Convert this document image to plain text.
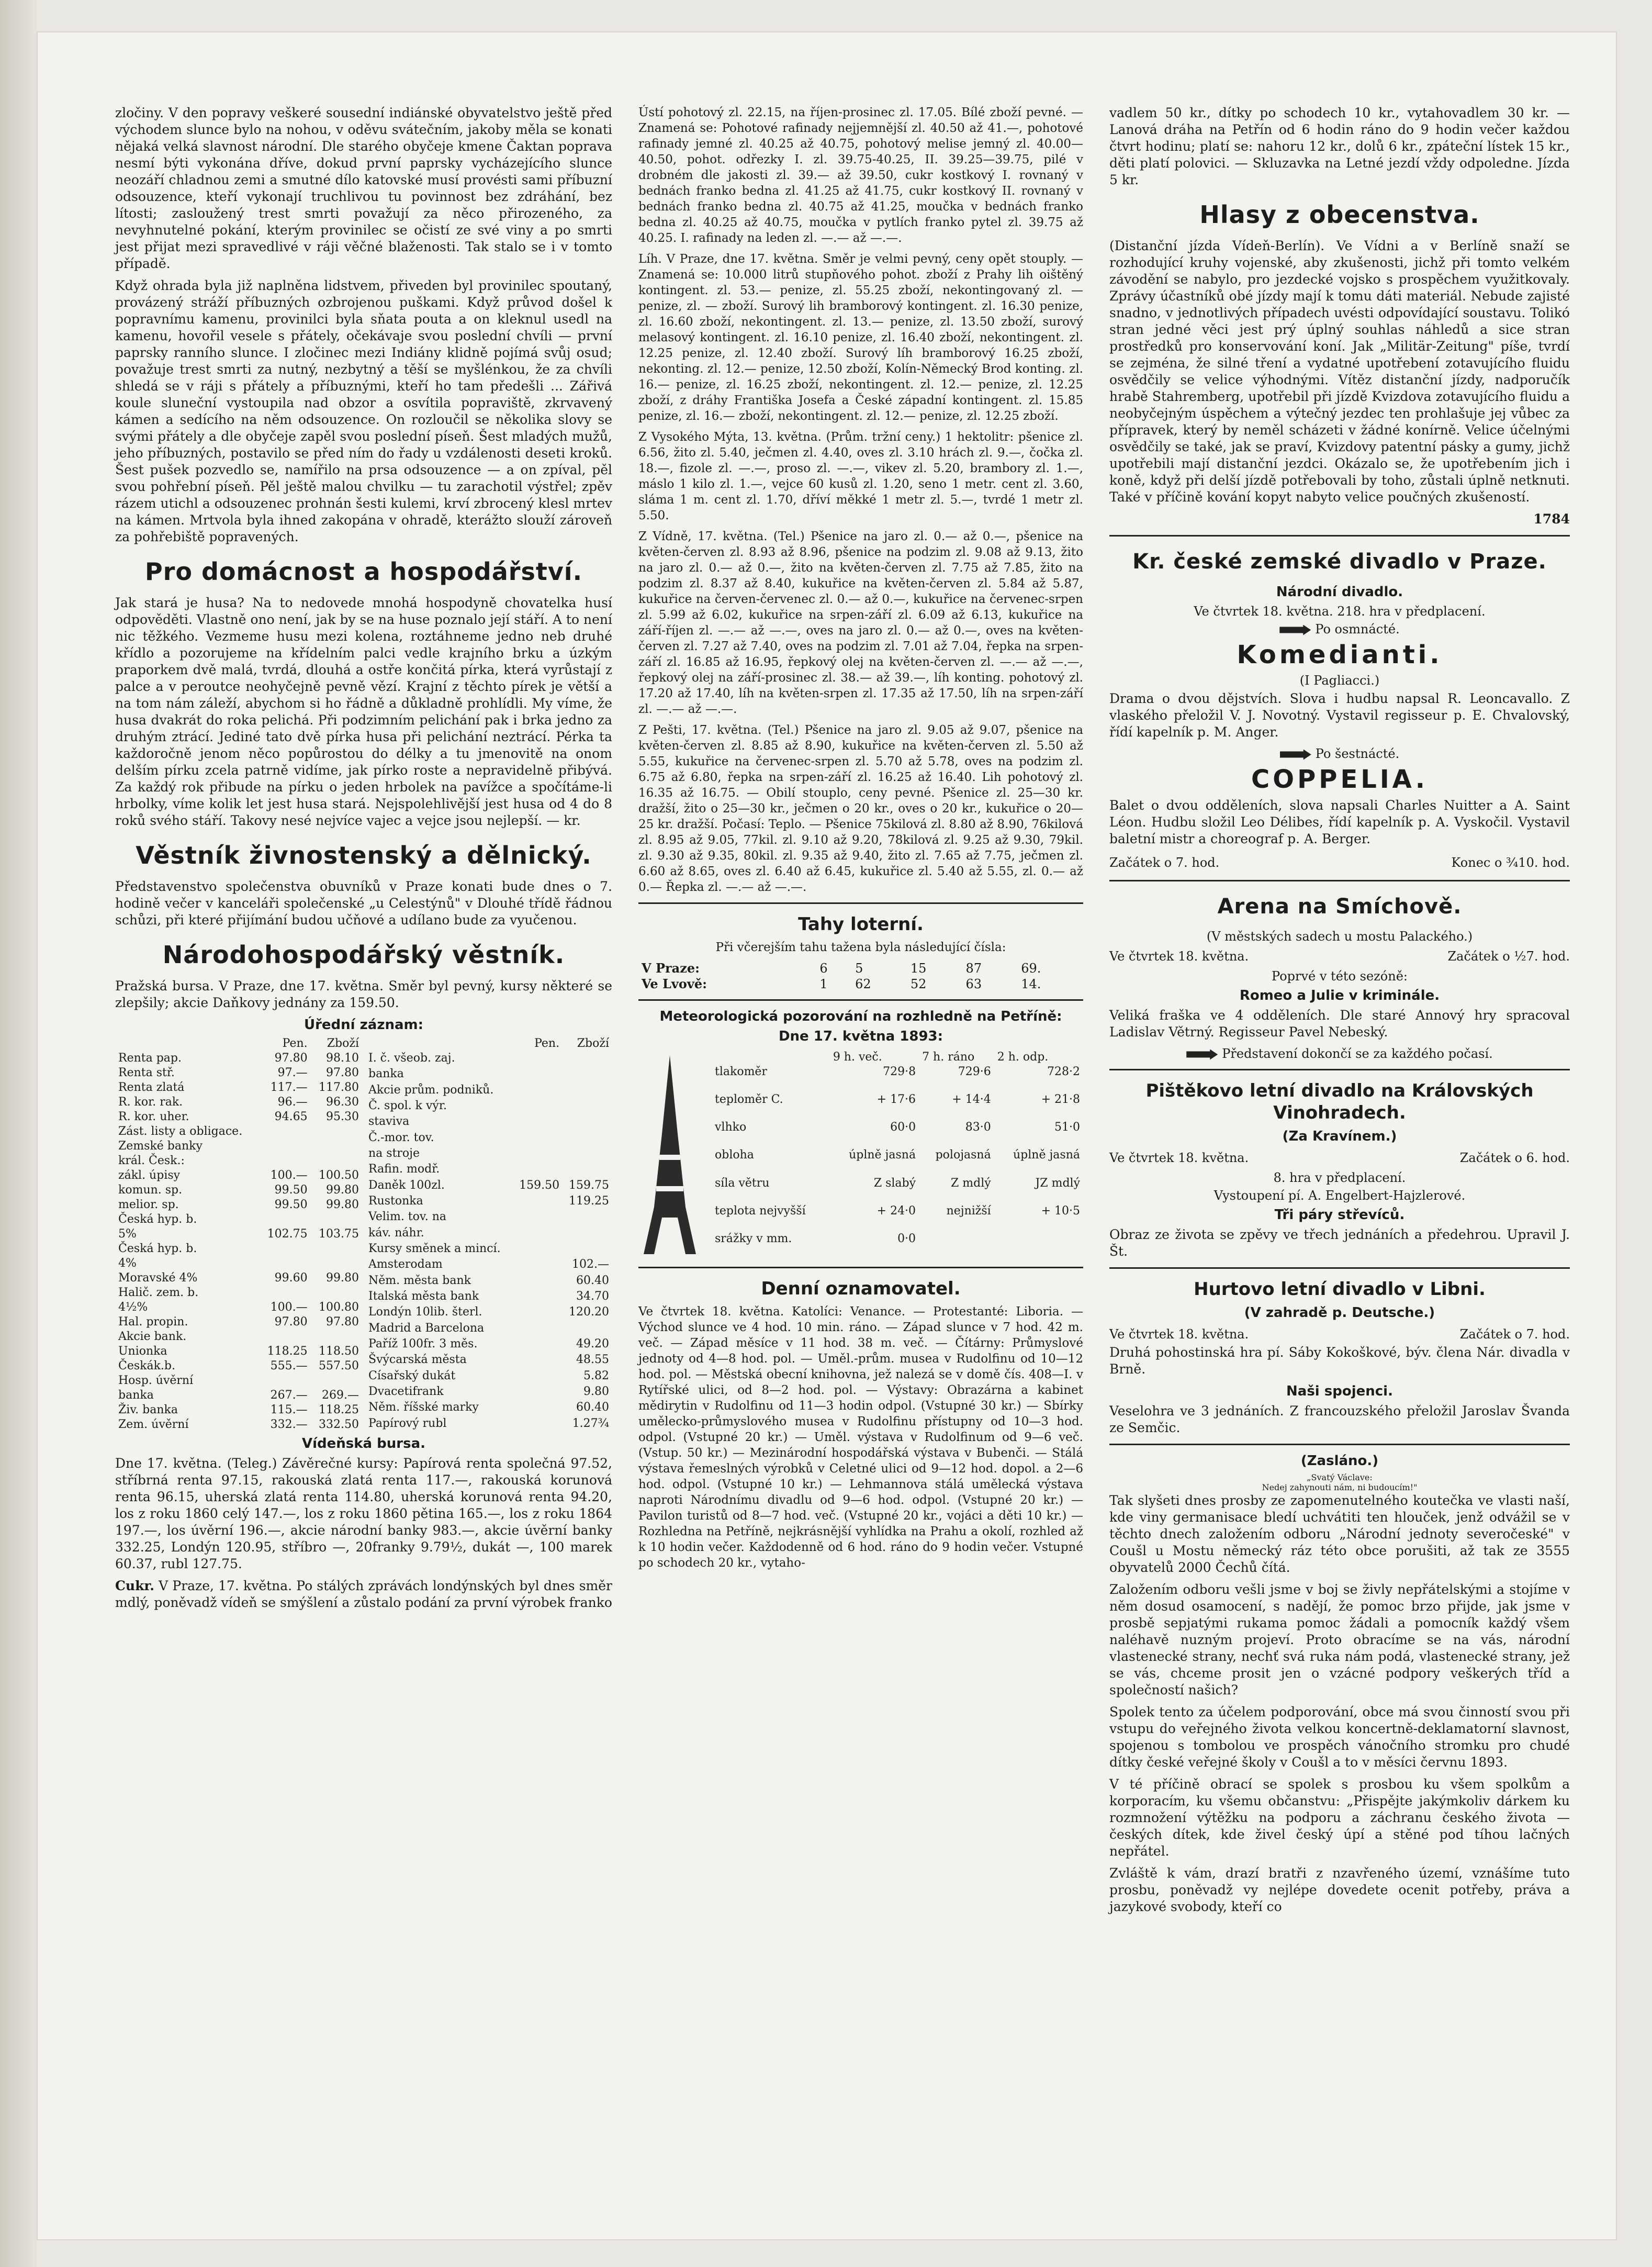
zločiny. V den popravy veškeré sousední indiánské obyvatelstvo ještě před východem slunce bylo na nohou, v oděvu svátečním, jakoby měla se konati nějaká velká slavnost národní. Dle starého obyčeje kmene Čaktan poprava nesmí býti vykonána dříve, dokud první paprsky vycházejícího slunce neozáří chladnou zemi a smutné dílo katovské musí provésti sami příbuzní odsouzence, kteří vykonají truchlivou tu povinnost bez zdráhání, bez lítosti; zasloužený trest smrti považují za něco přirozeného, za nevyhnutelné pokání, kterým provinilec se očistí ze své viny a po smrti jest přijat mezi spravedlivé v ráji věčné blaženosti. Tak stalo se i v tomto případě.

Když ohrada byla již naplněna lidstvem, přiveden byl provinilec spoutaný, provázený stráží příbuzných ozbrojenou puškami. Když průvod došel k popravnímu kamenu, provinilci byla sňata pouta a on kleknul usedl na kamenu, hovořil vesele s přátely, očekávaje svou poslední chvíli — první paprsky ranního slunce. I zločinec mezi Indiány klidně pojímá svůj osud; považuje trest smrti za nutný, nezbytný a těší se myšlénkou, že za chvíli shledá se v ráji s přátely a příbuznými, kteří ho tam předešli ... Zářivá koule sluneční vystoupila nad obzor a osvítila popraviště, zkrvavený kámen a sedícího na něm odsouzence. On rozloučil se několika slovy se svými přátely a dle obyčeje zapěl svou poslední píseň. Šest mladých mužů, jeho příbuzných, postavilo se před ním do řady u vzdálenosti deseti kroků. Šest pušek pozvedlo se, namířilo na prsa odsouzence — a on zpíval, pěl svou pohřební píseň. Pěl ještě malou chvilku — tu zarachotil výstřel; zpěv rázem utichl a odsouzenec prohnán šesti kulemi, krví zbrocený klesl mrtev na kámen. Mrtvola byla ihned zakopána v ohradě, kterážto slouží zároveň za pohřebiště popravených.

Pro domácnost a hospodářství.

Jak stará je husa? Na to nedovede mnohá hospodyně chovatelka husí odpověděti. Vlastně ono není, jak by se na huse poznalo její stáří. A to není nic těžkého. Vezmeme husu mezi kolena, roztáhneme jedno neb druhé křídlo a pozorujeme na křídelním palci vedle krajního brku a úzkým praporkem dvě malá, tvrdá, dlouhá a ostře končitá pírka, která vyrůstají z palce a v peroutce neohyčejně pevně vězí. Krajní z těchto pírek je větší a na tom nám záleží, abychom si ho řádně a důkladně prohlídli. My víme, že husa dvakrát do roka pelichá. Při podzimním pelichání pak i brka jedno za druhým ztrácí. Jediné tato dvě pírka husa při pelichání neztrácí. Pérka ta každoročně jenom něco popůrostou do délky a tu jmenovitě na onom delším pírku zcela patrně vidíme, jak pírko roste a nepravidelně přibývá. Za každý rok přibude na pírku o jeden hrbolek na pavížce a spočítáme-li hrbolky, víme kolik let jest husa stará. Nejspolehlivější jest husa od 4 do 8 roků svého stáří. Takovy nesé nejvíce vajec a vejce jsou nejlepší. — kr.

Věstník živnostenský a dělnický.

Představenstvo společenstva obuvníků v Praze konati bude dnes o 7. hodině večer v kanceláři společenské „u Celestýnů" v Dlouhé třídě řádnou schůzi, při které přijímání budou učňové a udílano bude za vyučenou.

Národohospodářský věstník.

Pražská bursa. V Praze, dne 17. května. Směr byl pevný, kursy některé se zlepšily; akcie Daňkovy jednány za 159.50.

Úřední záznam:
	Pen.	Zboží
Renta pap.	97.80	98.10
Renta stř.	97.—	97.80
Renta zlatá	117.—	117.80
R. kor. rak.	96.—	96.30
R. kor. uher.	94.65	95.30
Zást. listy a obligace.		
Zemské banky		
král. Česk.:		
zákl. úpisy	100.—	100.50
komun. sp.	99.50	99.80
melior. sp.	99.50	99.80
Česká hyp. b.		
5%	102.75	103.75
Česká hyp. b.		
4%		
Moravské 4%	99.60	99.80
Halič. zem. b.		
4½%	100.—	100.80
Hal. propin.	97.80	97.80
Akcie bank.		
Unionka	118.25	118.50
Českák.b.	555.—	557.50
Hosp. úvěrní		
banka	267.—	269.—
Živ. banka	115.—	118.25
Zem. úvěrní	332.—	332.50
	Pen.	Zboží
I. č. všeob. zaj.		
banka		
Akcie prům. podniků.		
Č. spol. k výr.		
staviva		
Č.-mor. tov.		
na stroje		
Rafin. modř.		
Daněk 100zl.	159.50	159.75
Rustonka		119.25
Velim. tov. na		
káv. náhr.		
Kursy směnek a mincí.		
Amsterodam		102.—
Něm. města bank		60.40
Italská města bank		34.70
Londýn 10lib. šterl.		120.20
Madrid a Barcelona		
Paříž 100fr. 3 měs.		49.20
Švýcarská města		48.55
Císařský dukát		5.82
Dvacetifrank		9.80
Něm. říšské marky		60.40
Papírový rubl		1.27¾
Vídeňská bursa.

Dne 17. května. (Teleg.) Závěrečné kursy: Papírová renta společná 97.52, stříbrná renta 97.15, rakouská zlatá renta 117.—, rakouská korunová renta 96.15, uherská zlatá renta 114.80, uherská korunová renta 94.20, los z roku 1860 celý 147.—, los z roku 1860 pětina 165.—, los z roku 1864 197.—, los úvěrní 196.—, akcie národní banky 983.—, akcie úvěrní banky 332.25, Londýn 120.95, stříbro —, 20franky 9.79½, dukát —, 100 marek 60.37, rubl 127.75.

Cukr. V Praze, 17. května. Po stálých zprávách londýnských byl dnes směr mdlý, poněvadž vídeň se smýšlení a zůstalo podání za první výrobek franko

Ústí pohotový zl. 22.15, na říjen-prosinec zl. 17.05. Bílé zboží pevné. — Znamená se: Pohotové rafinady nejjemnější zl. 40.50 až 41.—, pohotové rafinady jemné zl. 40.25 až 40.75, pohotový melise jemný zl. 40.00—40.50, pohot. odřezky I. zl. 39.75-40.25, II. 39.25—39.75, pilé v drobném dle jakosti zl. 39.— až 39.50, cukr kostkový I. rovnaný v bednách franko bedna zl. 41.25 až 41.75, cukr kostkový II. rovnaný v bednách franko bedna zl. 40.75 až 41.25, moučka v bednách franko bedna zl. 40.25 až 40.75, moučka v pytlích franko pytel zl. 39.75 až 40.25. I. rafinady na leden zl. —.— až —.—.

Líh. V Praze, dne 17. května. Směr je velmi pevný, ceny opět stouply. — Znamená se: 10.000 litrů stupňového pohot. zboží z Prahy lih oištěný kontingent. zl. 53.— penize, zl. 55.25 zboží, nekontingovaný zl. — penize, zl. — zboží. Surový lih bramborový kontingent. zl. 16.30 penize, zl. 16.60 zboží, nekontingent. zl. 13.— penize, zl. 13.50 zboží, surový melasový kontingent. zl. 16.10 penize, zl. 16.40 zboží, nekontingent. zl. 12.25 penize, zl. 12.40 zboží. Surový líh bramborový 16.25 zboží, nekonting. zl. 12.— penize, 12.50 zboží, Kolín-Německý Brod konting. zl. 16.— penize, zl. 16.25 zboží, nekontingent. zl. 12.— penize, zl. 12.25 zboží, z dráhy Františka Josefa a České západní kontingent. zl. 15.85 penize, zl. 16.— zboží, nekontingent. zl. 12.— penize, zl. 12.25 zboží.

Z Vysokého Mýta, 13. května. (Prům. tržní ceny.) 1 hektolitr: pšenice zl. 6.56, žito zl. 5.40, ječmen zl. 4.40, oves zl. 3.10 hrách zl. 9.—, čočka zl. 18.—, fizole zl. —.—, proso zl. —.—, vikev zl. 5.20, brambory zl. 1.—, máslo 1 kilo zl. 1.—, vejce 60 kusů zl. 1.20, seno 1 metr. cent zl. 3.60, sláma 1 m. cent zl. 1.70, dříví měkké 1 metr zl. 5.—, tvrdé 1 metr zl. 5.50.

Z Vídně, 17. května. (Tel.) Pšenice na jaro zl. 0.— až 0.—, pšenice na květen-červen zl. 8.93 až 8.96, pšenice na podzim zl. 9.08 až 9.13, žito na jaro zl. 0.— až 0.—, žito na květen-červen zl. 7.75 až 7.85, žito na podzim zl. 8.37 až 8.40, kukuřice na květen-červen zl. 5.84 až 5.87, kukuřice na červen-červenec zl. 0.— až 0.—, kukuřice na červenec-srpen zl. 5.99 až 6.02, kukuřice na srpen-září zl. 6.09 až 6.13, kukuřice na září-říjen zl. —.— až —.—, oves na jaro zl. 0.— až 0.—, oves na květen-červen zl. 7.27 až 7.40, oves na podzim zl. 7.01 až 7.04, řepka na srpen-září zl. 16.85 až 16.95, řepkový olej na květen-červen zl. —.— až —.—, řepkový olej na září-prosinec zl. 38.— až 39.—, líh konting. pohotový zl. 17.20 až 17.40, líh na květen-srpen zl. 17.35 až 17.50, líh na srpen-září zl. —.— až —.—.

Z Pešti, 17. května. (Tel.) Pšenice na jaro zl. 9.05 až 9.07, pšenice na květen-červen zl. 8.85 až 8.90, kukuřice na květen-červen zl. 5.50 až 5.55, kukuřice na červenec-srpen zl. 5.70 až 5.78, oves na podzim zl. 6.75 až 6.80, řepka na srpen-září zl. 16.25 až 16.40. Lih pohotový zl. 16.35 až 16.75. — Obilí stouplo, ceny pevné. Pšenice zl. 25—30 kr. dražší, žito o 25—30 kr., ječmen o 20 kr., oves o 20 kr., kukuřice o 20—25 kr. dražší. Počasí: Teplo. — Pšenice 75kilová zl. 8.80 až 8.90, 76kilová zl. 8.95 až 9.05, 77kil. zl. 9.10 až 9.20, 78kilová zl. 9.25 až 9.30, 79kil. zl. 9.30 až 9.35, 80kil. zl. 9.35 až 9.40, žito zl. 7.65 až 7.75, ječmen zl. 6.60 až 8.65, oves zl. 6.40 až 6.45, kukuřice zl. 5.40 až 5.55, zl. 0.— až 0.— Řepka zl. —.— až —.—.

Tahy loterní.

Při včerejším tahu tažena byla následující čísla:

V Praze:	6	5	15	87	69.
Ve Lvově:	1	62	52	63	14.
Meteorologická pozorování na rozhledně na Petříně:
Dne 17. května 1893:
	9 h. več.	7 h. ráno	2 h. odp.
tlakoměr	729·8	729·6	728·2
teploměr C.	+ 17·6	+ 14·4	+ 21·8
vlhko	60·0	83·0	51·0
obloha	úplně jasná	polojasná	úplně jasná
síla větru	Z slabý	Z mdlý	JZ mdlý
teplota nejvyšší	+ 24·0	nejnižší	+ 10·5
srážky v mm.	0·0		
Denní oznamovatel.

Ve čtvrtek 18. května. Katolíci: Venance. — Protestanté: Liboria. — Východ slunce ve 4 hod. 10 min. ráno. — Západ slunce v 7 hod. 42 m. več. — Západ měsíce v 11 hod. 38 m. več. — Čítárny: Průmyslové jednoty od 4—8 hod. pol. — Uměl.-prům. musea v Rudolfinu od 10—12 hod. pol. — Městská obecní knihovna, jež nalezá se v domě čís. 408—I. v Rytířské ulici, od 8—2 hod. pol. — Výstavy: Obrazárna a kabinet mědirytin v Rudolfinu od 11—3 hodin odpol. (Vstupné 30 kr.) — Sbírky umělecko-průmyslového musea v Rudolfinu přístupny od 10—3 hod. odpol. (Vstupné 20 kr.) — Uměl. výstava v Rudolfinum od 9—6 več. (Vstup. 50 kr.) — Mezinárodní hospodářská výstava v Bubenči. — Stálá výstava řemeslných výrobků v Celetné ulici od 9—12 hod. dopol. a 2—6 hod. odpol. (Vstupné 10 kr.) — Lehmannova stálá umělecká výstava naproti Národnímu divadlu od 9—6 hod. odpol. (Vstupné 20 kr.) — Pavilon turistů od 8—7 hod. več. (Vstupné 20 kr., vojáci a děti 10 kr.) — Rozhledna na Petříně, nejkrásnější vyhlídka na Prahu a okolí, rozhled až k 10 hodin večer. Každodenně od 6 hod. ráno do 9 hodin večer. Vstupné po schodech 20 kr., vytaho-

vadlem 50 kr., dítky po schodech 10 kr., vytahovadlem 30 kr. — Lanová dráha na Petřín od 6 hodin ráno do 9 hodin večer každou čtvrt hodinu; platí se: nahoru 12 kr., dolů 6 kr., zpáteční lístek 15 kr., děti platí polovici. — Skluzavka na Letné jezdí vždy odpoledne. Jízda 5 kr.

Hlasy z obecenstva.

(Distanční jízda Vídeň-Berlín). Ve Vídni a v Berlíně snaží se rozhodující kruhy vojenské, aby zkušenosti, jichž při tomto velkém závodění se nabylo, pro jezdecké vojsko s prospěchem využitkovaly. Zprávy účastníků obé jízdy mají k tomu dáti materiál. Nebude zajisté snadno, v jednotlivých případech uvésti odpovídající soustavu. Tolikó stran jedné věci jest prý úplný souhlas náhledů a sice stran prostředků pro konservování koní. Jak „Militär-Zeitung" píše, tvrdí se zejména, že silné tření a vydatné upotřebení zotavujícího fluidu osvědčily se velice výhodnými. Vítěz distanční jízdy, nadporučík hrabě Stahremberg, upotřebil při jízdě Kvizdova zotavujícího fluidu a neobyčejným úspěchem a výtečný jezdec ten prohlašuje jej vůbec za přípravek, který by neměl scházeti v žádné konírně. Velice účelnými osvědčily se také, jak se praví, Kvizdovy patentní pásky a gumy, jichž upotřebili mají distanční jezdci. Okázalo se, že upotřebením jich i koně, když při delší jízdě potřebovali by toho, zůstali úplně netknuti. Také v příčině kování kopyt nabyto velice poučných zkušeností.

1784

Kr. české zemské divadlo v Praze.
Národní divadlo.
Ve čtvrtek 18. května. 218. hra v předplacení.
Po osmnácté.
Komedianti.
(I Pagliacci.)

Drama o dvou dějstvích. Slova i hudbu napsal R. Leoncavallo. Z vlaského přeložil V. J. Novotný. Vystavil regisseur p. E. Chvalovský, řídí kapelník p. M. Anger.

Po šestnácté.
COPPELIA.

Balet o dvou odděleních, slova napsali Charles Nuitter a A. Saint Léon. Hudbu složil Leo Délibes, řídí kapelník p. A. Vyskočil. Vystavil baletní mistr a choreograf p. A. Berger.

Začátek o 7. hod.	Konec o ¾10. hod.
Arena na Smíchově.
(V městských sadech u mostu Palackého.)
Ve čtvrtek 18. května.	Začátek o ½7. hod.
Poprvé v této sezóně:
Romeo a Julie v kriminále.

Veliká fraška ve 4 odděleních. Dle staré Annový hry spracoval Ladislav Větrný. Regisseur Pavel Nebeský.

Představení dokončí se za každého počasí.
Pištěkovo letní divadlo na Královských Vinohradech.
(Za Kravínem.)
Ve čtvrtek 18. května.	Začátek o 6. hod.
8. hra v předplacení.
Vystoupení pí. A. Engelbert-Hajzlerové.
Tři páry střevíců.

Obraz ze života se zpěvy ve třech jednáních a předehrou. Upravil J. Št.

Hurtovo letní divadlo v Libni.
(V zahradě p. Deutsche.)
Ve čtvrtek 18. května.	Začátek o 7. hod.

Druhá pohostinská hra pí. Sáby Kokoškové, býv. člena Nár. divadla v Brně.

Naši spojenci.

Veselohra ve 3 jednáních. Z francouzského přeložil Jaroslav Švanda ze Semčic.

(Zasláno.)
„Svatý Václave:
Nedej zahynouti nám, ni budoucím!"

Tak slyšeti dnes prosby ze zapomenutelného koutečka ve vlasti naší, kde viny germanisace bledí uchvátiti ten hlouček, jenž odvážil se v těchto dnech založením odboru „Národní jednoty severočeské" v Coušl u Mostu německý ráz této obce porušiti, až tak ze 3555 obyvatelů 2000 Čechů čítá.

Založením odboru vešli jsme v boj se živly nepřátelskými a stojíme v něm dosud osamocení, s nadějí, že pomoc brzo přijde, jak jsme v prosbě sepjatými rukama pomoc žádali a pomocník každý všem naléhavě nuzným projeví. Proto obracíme se na vás, národní vlastenecké strany, nechť svá ruka nám podá, vlastenecké strany, jež se vás, chceme prosit jen o vzácné podpory veškerých tříd a společností našich?

Spolek tento za účelem podporování, obce má svou činností svou při vstupu do veřejného života velkou koncertně-deklamatorní slavnost, spojenou s tombolou ve prospěch vánočního stromku pro chudé dítky české veřejné školy v Coušl a to v měsíci červnu 1893.

V té příčině obrací se spolek s prosbou ku všem spolkům a korporacím, ku všemu občanstvu: „Přispějte jakýmkoliv dárkem ku rozmnožení výtěžku na podporu a záchranu českého života — českých dítek, kde živel český úpí a stěné pod tíhou lačných nepřátel.

Zvláště k vám, drazí bratři z nzavřeného území, vznášíme tuto prosbu, poněvadž vy nejlépe dovedete ocenit potřeby, práva a jazykové svobody, kteří co
